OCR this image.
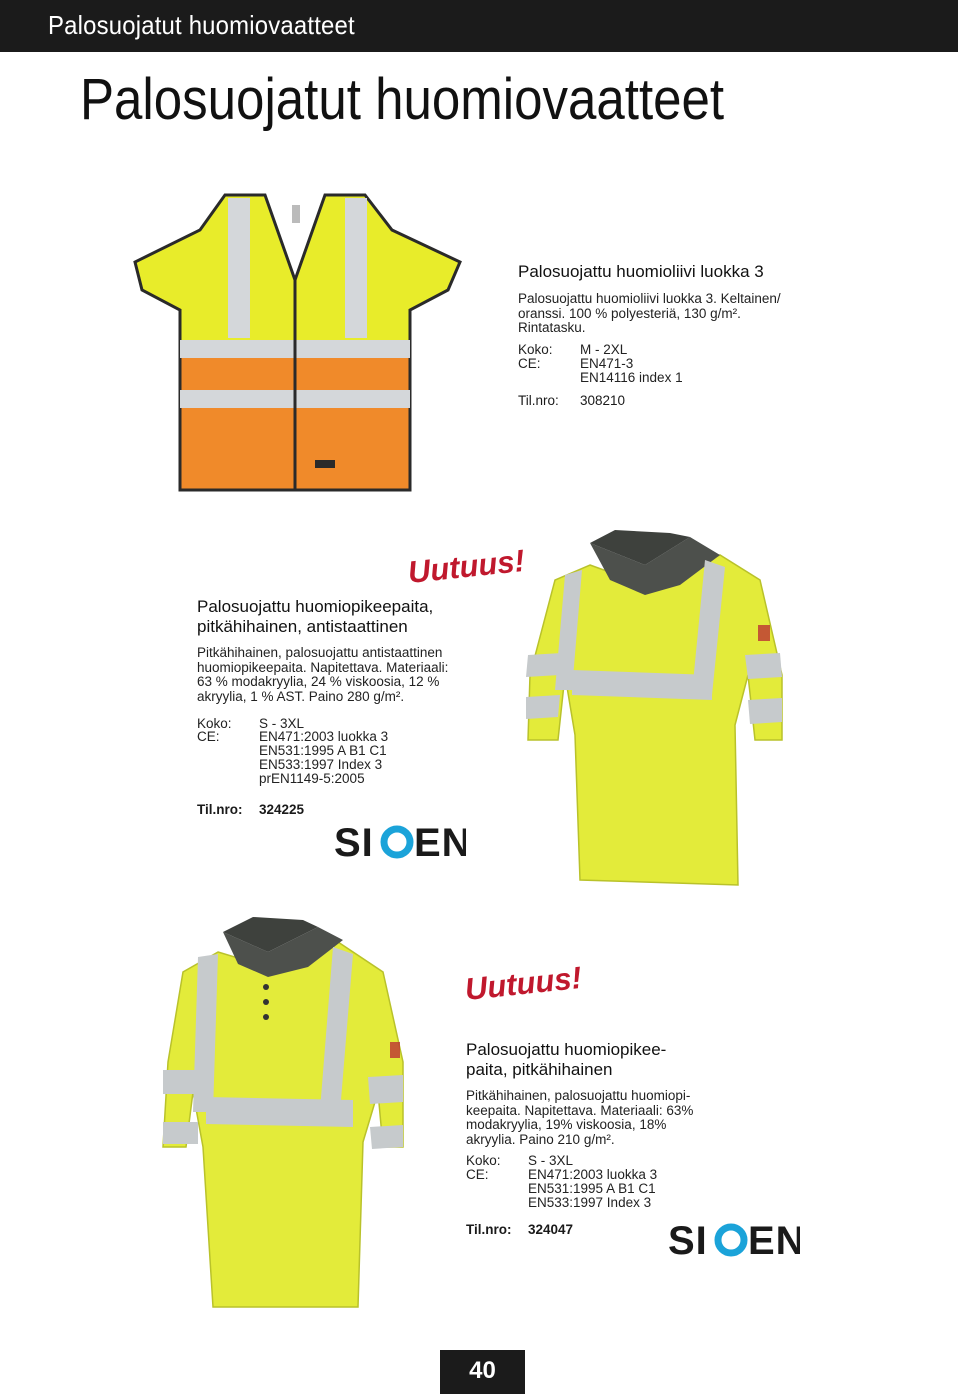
Palosuojatut huomiovaatteet
Palosuojatut huomiovaatteet
Palosuojattu huomioliivi luokka 3
Palosuojattu huomioliivi luokka 3. Keltainen/
oranssi. 100 % polyesteriä, 130 g/m².
Rintatasku.
Koko: M - 2XL
CE:	EN471-3
EN14116 index 1
Til.nro: 308210
Uutuus!
Palosuojattu huomiopikeepaita,
pitkähihainen, antistaattinen
Pitkähihainen, palosuojattu antistaattinen
huomiopikeepaita. Napitettava. Materiaali:
63 % modakryylia, 24 % viskoosia, 12 %
akryylia, 1 % AST. Paino 280 g/m².
Koko: S - 3XL
CE:	EN471:2003 luokka 3
EN531:1995 A B1 C1
EN533:1997 Index 3
prEN1149-5:2005
Til.nro: 324225
SI EN
Uutuus!
Palosuojattu huomiopikee-
paita, pitkähihainen
Pitkähihainen, palosuojattu huomiopi-
keepaita. Napitettava. Materiaali: 63%
modakryylia, 19% viskoosia, 18%
akryylia. Paino 210 g/m².
Koko: S - 3XL
CE:	EN471:2003 luokka 3
EN531:1995 A B1 C1
EN533:1997 Index 3
Til.nro: 324047 SI EN
40
